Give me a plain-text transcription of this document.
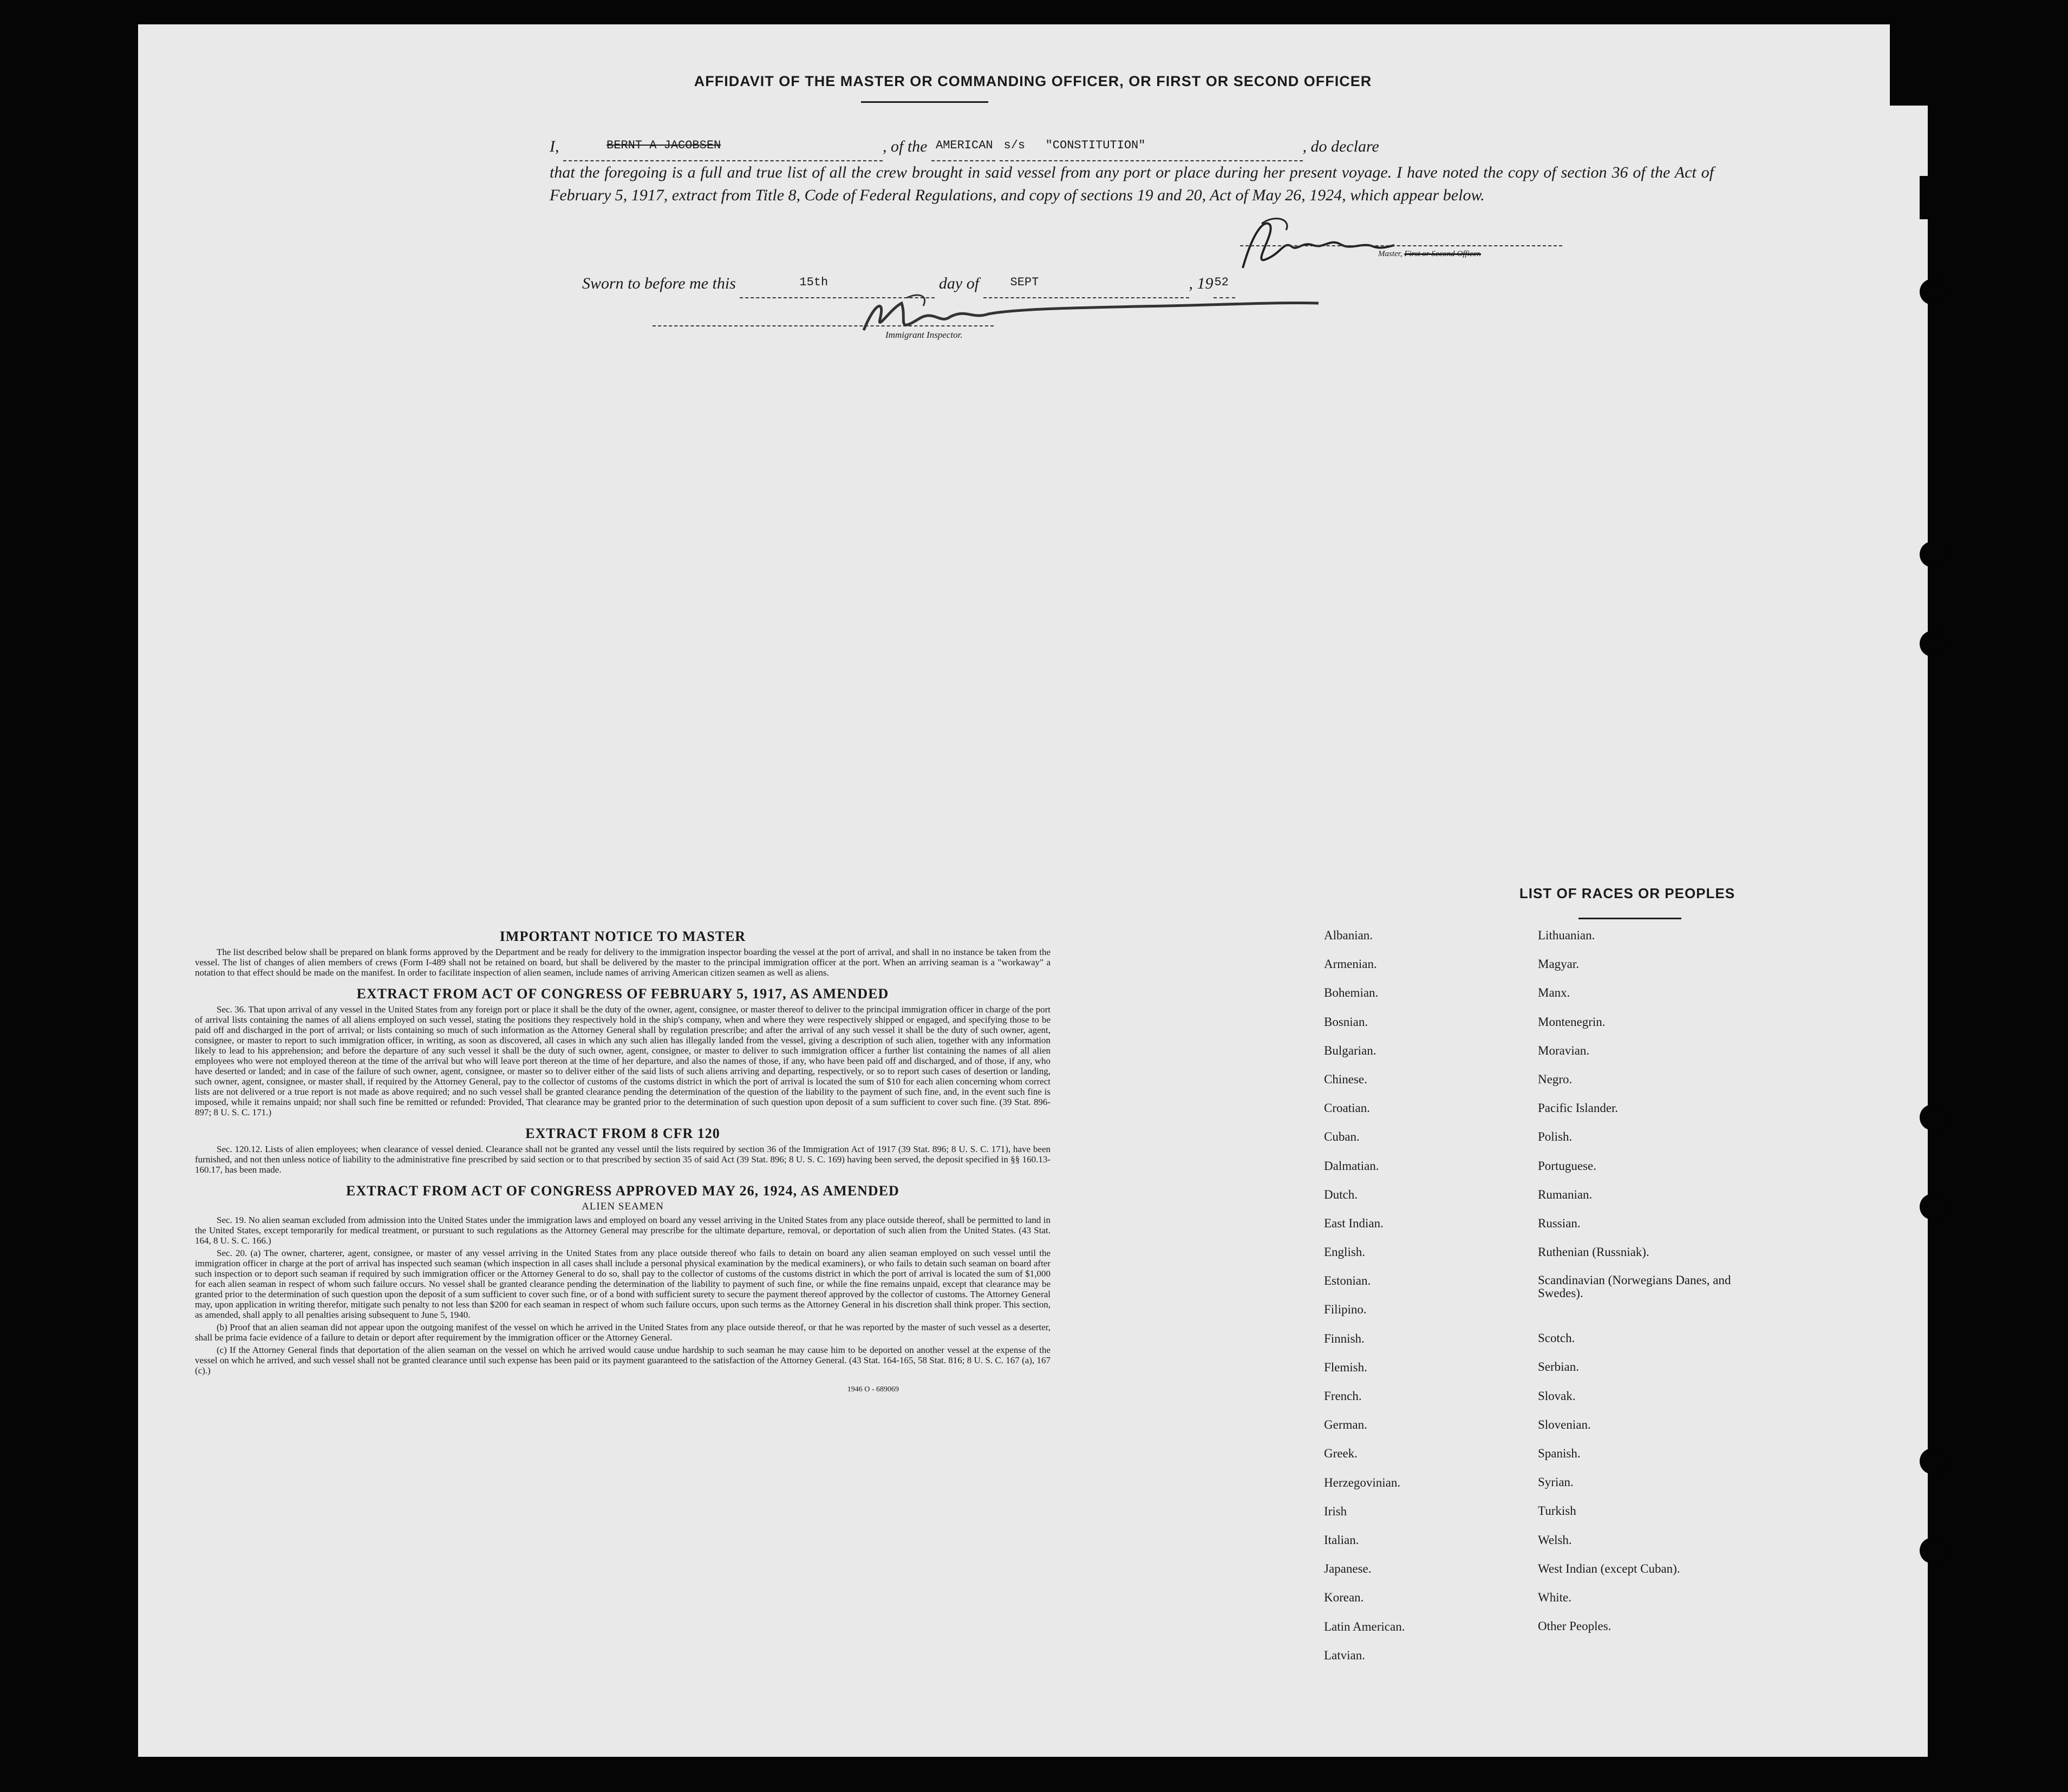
AFFIDAVIT OF THE MASTER OR COMMANDING OFFICER, OR FIRST OR SECOND OFFICER
I,	$^{BERNT A JACOBSEN}$	, of the $^{AMERICAN}$ $^{s/s}$ $^{"CONSTITUTION"}$	, do declare
that the foregoing is a full and true list of all the crew brought in said vessel from any port or place during her present voyage. I have noted the copy of section 36 of the Act of February 5, 1917, extract from Title 8, Code of Federal Regulations, and copy of sections 19 and 20, Act of May 26, 1924, which appear below.
Master, First or Second Officer.
Sworn to before me this	$^{15th}$	day of	$^{SEPT}$	, $19^{52}$
Immigrant Inspector.
IMPORTANT NOTICE TO MASTER

The list described below shall be prepared on blank forms approved by the Department and be ready for delivery to the immigration inspector boarding the vessel at the port of arrival, and shall in no instance be taken from the vessel. The list of changes of alien members of crews (Form I-489 shall not be retained on board, but shall be delivered by the master to the principal immigration officer at the port. When an arriving seaman is a "workaway" a notation to that effect should be made on the manifest. In order to facilitate inspection of alien seamen, include names of arriving American citizen seamen as well as aliens.

EXTRACT FROM ACT OF CONGRESS OF FEBRUARY 5, 1917, AS AMENDED

Sec. 36. That upon arrival of any vessel in the United States from any foreign port or place it shall be the duty of the owner, agent, consignee, or master thereof to deliver to the principal immigration officer in charge of the port of arrival lists containing the names of all aliens employed on such vessel, stating the positions they respectively hold in the ship's company, when and where they were respectively shipped or engaged, and specifying those to be paid off and discharged in the port of arrival; or lists containing so much of such information as the Attorney General shall by regulation prescribe; and after the arrival of any such vessel it shall be the duty of such owner, agent, consignee, or master to report to such immigration officer, in writing, as soon as discovered, all cases in which any such alien has illegally landed from the vessel, giving a description of such alien, together with any information likely to lead to his apprehension; and before the departure of any such vessel it shall be the duty of such owner, agent, consignee, or master to deliver to such immigration officer a further list containing the names of all alien employees who were not employed thereon at the time of the arrival but who will leave port thereon at the time of her departure, and also the names of those, if any, who have been paid off and discharged, and of those, if any, who have deserted or landed; and in case of the failure of such owner, agent, consignee, or master so to deliver either of the said lists of such aliens arriving and departing, respectively, or so to report such cases of desertion or landing, such owner, agent, consignee, or master shall, if required by the Attorney General, pay to the collector of customs of the customs district in which the port of arrival is located the sum of $10 for each alien concerning whom correct lists are not delivered or a true report is not made as above required; and no such vessel shall be granted clearance pending the determination of the question of the liability to the payment of such fine, and, in the event such fine is imposed, while it remains unpaid; nor shall such fine be remitted or refunded: Provided, That clearance may be granted prior to the determination of such question upon deposit of a sum sufficient to cover such fine. (39 Stat. 896-897; 8 U. S. C. 171.)

EXTRACT FROM 8 CFR 120

Sec. 120.12. Lists of alien employees; when clearance of vessel denied. Clearance shall not be granted any vessel until the lists required by section 36 of the Immigration Act of 1917 (39 Stat. 896; 8 U. S. C. 171), have been furnished, and not then unless notice of liability to the administrative fine prescribed by said section or to that prescribed by section 35 of said Act (39 Stat. 896; 8 U. S. C. 169) having been served, the deposit specified in §§ 160.13-160.17, has been made.

EXTRACT FROM ACT OF CONGRESS APPROVED MAY 26, 1924, AS AMENDED
ALIEN SEAMEN

Sec. 19. No alien seaman excluded from admission into the United States under the immigration laws and employed on board any vessel arriving in the United States from any place outside thereof, shall be permitted to land in the United States, except temporarily for medical treatment, or pursuant to such regulations as the Attorney General may prescribe for the ultimate departure, removal, or deportation of such alien from the United States. (43 Stat. 164, 8 U. S. C. 166.)

Sec. 20. (a) The owner, charterer, agent, consignee, or master of any vessel arriving in the United States from any place outside thereof who fails to detain on board any alien seaman employed on such vessel until the immigration officer in charge at the port of arrival has inspected such seaman (which inspection in all cases shall include a personal physical examination by the medical examiners), or who fails to detain such seaman on board after such inspection or to deport such seaman if required by such immigration officer or the Attorney General to do so, shall pay to the collector of customs of the customs district in which the port of arrival is located the sum of $1,000 for each alien seaman in respect of whom such failure occurs. No vessel shall be granted clearance pending the determination of the liability to payment of such fine, or while the fine remains unpaid, except that clearance may be granted prior to the determination of such question upon the deposit of a sum sufficient to cover such fine, or of a bond with sufficient surety to secure the payment thereof approved by the collector of customs. The Attorney General may, upon application in writing therefor, mitigate such penalty to not less than $200 for each seaman in respect of whom such failure occurs, upon such terms as the Attorney General in his discretion shall think proper. This section, as amended, shall apply to all penalties arising subsequent to June 5, 1940.

(b) Proof that an alien seaman did not appear upon the outgoing manifest of the vessel on which he arrived in the United States from any place outside thereof, or that he was reported by the master of such vessel as a deserter, shall be prima facie evidence of a failure to detain or deport after requirement by the immigration officer or the Attorney General.

(c) If the Attorney General finds that deportation of the alien seaman on the vessel on which he arrived would cause undue hardship to such seaman he may cause him to be deported on another vessel at the expense of the vessel on which he arrived, and such vessel shall not be granted clearance until such expense has been paid or its payment guaranteed to the satisfaction of the Attorney General. (43 Stat. 164-165, 58 Stat. 816; 8 U. S. C. 167 (a), 167 (c).)

1946 O - 689069
LIST OF RACES OR PEOPLES
Albanian.
Armenian.
Bohemian.
Bosnian.
Bulgarian.
Chinese.
Croatian.
Cuban.
Dalmatian.
Dutch.
East Indian.
English.
Estonian.
Filipino.
Finnish.
Flemish.
French.
German.
Greek.
Herzegovinian.
Irish
Italian.
Japanese.
Korean.
Latin American.
Latvian.
Lithuanian.
Magyar.
Manx.
Montenegrin.
Moravian.
Negro.
Pacific Islander.
Polish.
Portuguese.
Rumanian.
Russian.
Ruthenian (Russniak).
Scandinavian (Norwegians Danes, and Swedes).
Scotch.
Serbian.
Slovak.
Slovenian.
Spanish.
Syrian.
Turkish
Welsh.
West Indian (except Cuban).
White.
Other Peoples.
